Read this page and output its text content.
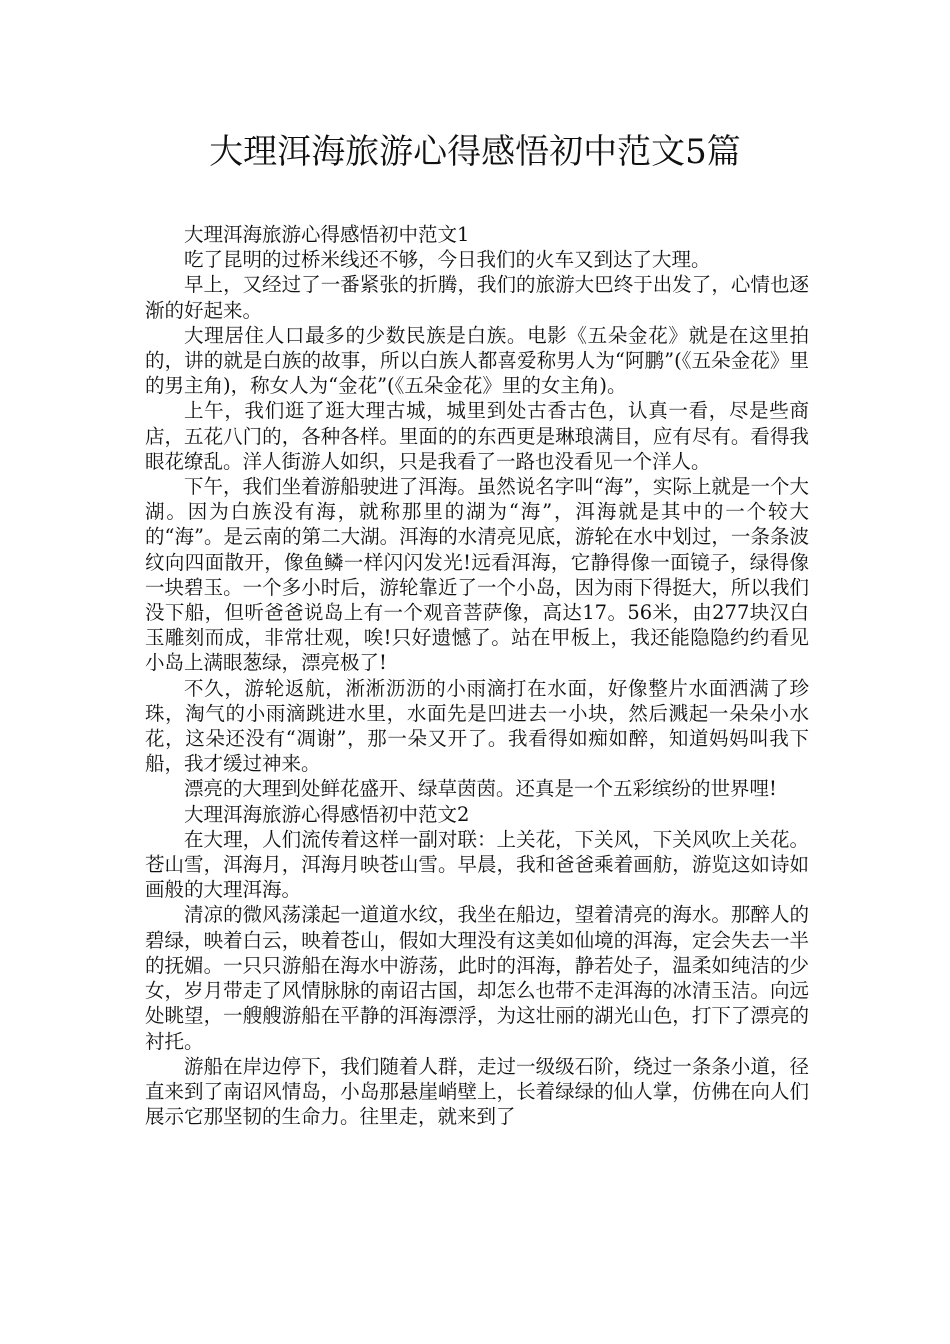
大理洱海旅游心得感悟初中范文5篇

大理洱海旅游心得感悟初中范文1

吃了昆明的过桥米线还不够，今日我们的火车又到达了大理。

早上，又经过了一番紧张的折腾，我们的旅游大巴终于出发了，心情也逐渐的好起来。

大理居住人口最多的少数民族是白族。电影《五朵金花》就是在这里拍的，讲的就是白族的故事，所以白族人都喜爱称男人为“阿鹏”(《五朵金花》里的男主角)，称女人为“金花”(《五朵金花》里的女主角)。

上午，我们逛了逛大理古城，城里到处古香古色，认真一看，尽是些商店，五花八门的，各种各样。里面的的东西更是琳琅满目，应有尽有。看得我眼花缭乱。洋人街游人如织，只是我看了一路也没看见一个洋人。

下午，我们坐着游船驶进了洱海。虽然说名字叫“海”，实际上就是一个大湖。因为白族没有海，就称那里的湖为“海”，洱海就是其中的一个较大的“海”。是云南的第二大湖。洱海的水清亮见底，游轮在水中划过，一条条波纹向四面散开，像鱼鳞一样闪闪发光!远看洱海，它静得像一面镜子，绿得像一块碧玉。一个多小时后，游轮靠近了一个小岛，因为雨下得挺大，所以我们没下船，但听爸爸说岛上有一个观音菩萨像，高达17。56米，由277块汉白玉雕刻而成，非常壮观，唉!只好遗憾了。站在甲板上，我还能隐隐约约看见小岛上满眼葱绿，漂亮极了!

不久，游轮返航，淅淅沥沥的小雨滴打在水面，好像整片水面洒满了珍珠，淘气的小雨滴跳进水里，水面先是凹进去一小块，然后溅起一朵朵小水花，这朵还没有“凋谢”，那一朵又开了。我看得如痴如醉，知道妈妈叫我下船，我才缓过神来。

漂亮的大理到处鲜花盛开、绿草茵茵。还真是一个五彩缤纷的世界哩!

大理洱海旅游心得感悟初中范文2

在大理，人们流传着这样一副对联：上关花，下关风，下关风吹上关花。苍山雪，洱海月，洱海月映苍山雪。早晨，我和爸爸乘着画舫，游览这如诗如画般的大理洱海。

清凉的微风荡漾起一道道水纹，我坐在船边，望着清亮的海水。那醉人的碧绿，映着白云，映着苍山，假如大理没有这美如仙境的洱海，定会失去一半的抚媚。一只只游船在海水中游荡，此时的洱海，静若处子，温柔如纯洁的少女，岁月带走了风情脉脉的南诏古国，却怎么也带不走洱海的冰清玉洁。向远处眺望，一艘艘游船在平静的洱海漂浮，为这壮丽的湖光山色，打下了漂亮的衬托。

游船在岸边停下，我们随着人群，走过一级级石阶，绕过一条条小道，径直来到了南诏风情岛，小岛那悬崖峭壁上，长着绿绿的仙人掌，仿佛在向人们展示它那坚韧的生命力。往里走，就来到了
